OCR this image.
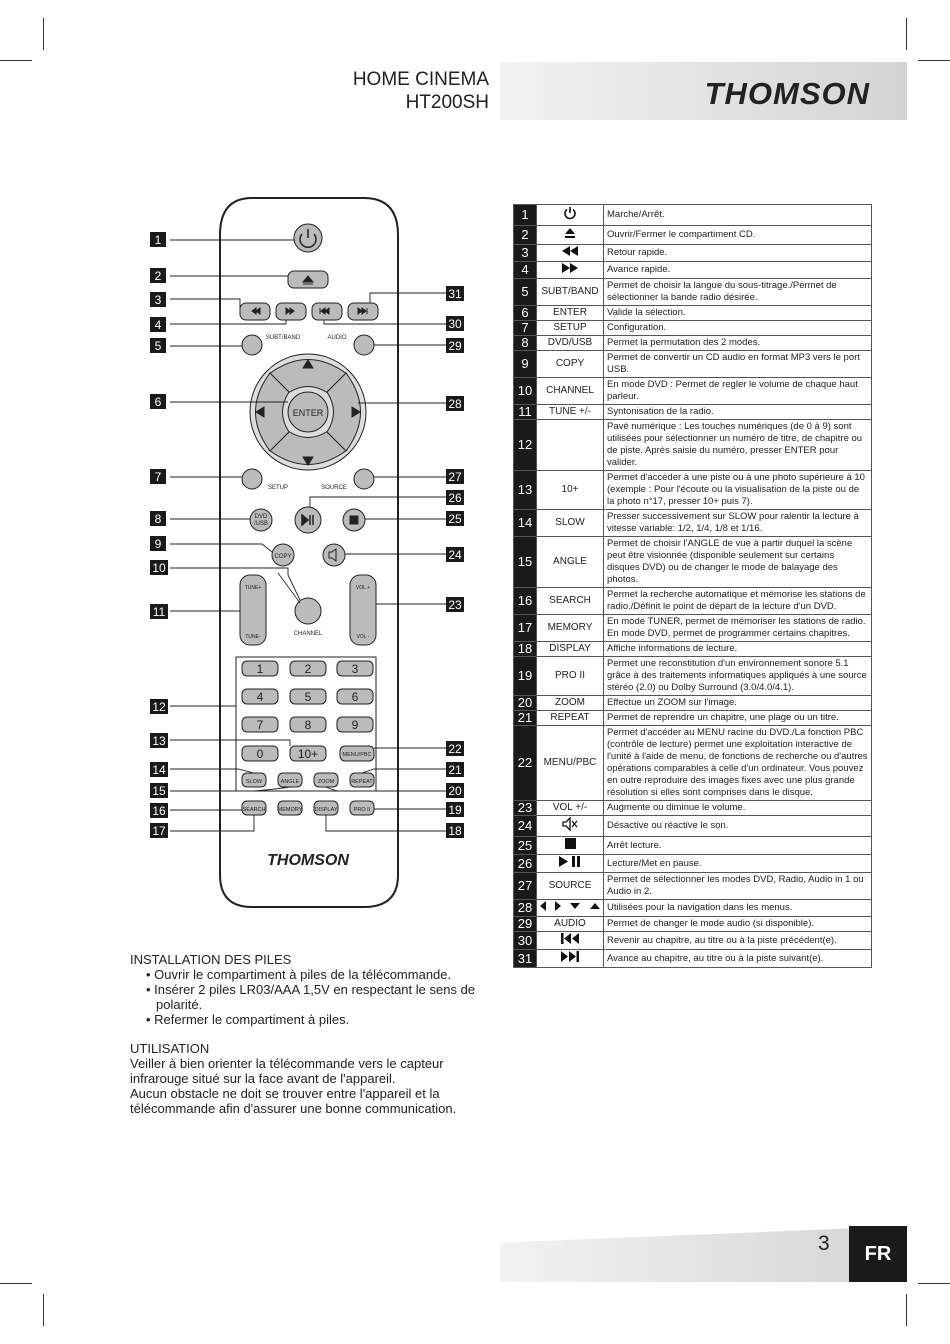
HOME CINEMA
HT200SH	THOMSON
1
2
3
4
5
6
7
8
9
10
11
12
13
14
15
16
17	18
19
20
21
22
23
24
25
26
27
28
29
30
31
SUBT/BAND	AUDIO
ENTER
SETUP	SOURCE
DVD
/USB
COPY
CHANNEL
TUNE+
TUNE-
VOL +
VOL -
1	2	3
4	5	6
7	8	9
0	10+	MENU/PBC
SLOW	ANGLE	ZOOM	REPEAT
SEARCH MEMORY DISPLAY	PRO II
THOMSON
1		Marche/Arrêt.
2		Ouvrir/Fermer le compartiment CD.
3		Retour rapide.
4		Avance rapide.
5	SUBT/BAND	Permet de choisir la langue du sous-titrage./Permet de sélectionner la bande radio désirée.
6	ENTER	Valide la sélection.
7	SETUP	Configuration.
8	DVD/USB	Permet la permutation des 2 modes.
9	COPY	Permet de convertir un CD audio en format MP3 vers le port USB.
10	CHANNEL	En mode DVD : Permet de regler le volume de chaque haut parleur.
11	TUNE +/-	Syntonisation de la radio.
12		Pavé numérique : Les touches numériques (de 0 à 9) sont utilisées pour sélectionner un numéro de titre, de chapitre ou de piste. Après saisie du numéro, presser ENTER pour valider.
13	10+	Permet d'accéder à une piste ou à une photo supérieure à 10 (exemple : Pour l'écoute ou la visualisation de la piste ou de la photo n°17, presser 10+ puis 7).
14	SLOW	Presser successivement sur SLOW pour ralentir la lecture à vitesse variable: 1/2, 1/4, 1/8 et 1/16.
15	ANGLE	Permet de choisir l'ANGLE de vue à partir duquel la scène peut être visionnée (disponible seulement sur certains disques DVD) ou de changer le mode de balayage des photos.
16	SEARCH	Permet la recherche automatique et mémorise les stations de radio./Définit le point de départ de la lecture d'un DVD.
17	MEMORY	En mode TUNER, permet de mémoriser les stations de radio. En mode DVD, permet de programmer certains chapitres.
18	DISPLAY	Affiche informations de lecture.
19	PRO II	Permet une reconstitution d'un environnement sonore 5.1 grâce à des traitements informatiques appliqués à une source stéréo (2.0) ou Dolby Surround (3.0/4.0/4.1).
20	ZOOM	Effectue un ZOOM sur l'image.
21	REPEAT	Permet de reprendre un chapitre, une plage ou un titre.
22	MENU/PBC	Permet d'accéder au MENU racine du DVD./La fonction PBC (contrôle de lecture) permet une exploitation interactive de l'unité à l'aide de menu, de fonctions de recherche ou d'autres opérations comparables à celle d'un ordinateur. Vous pouvez en outre reproduire des images fixes avec une plus grande résolution si elles sont comprises dans le disque.
23	VOL +/-	Augmente ou diminue le volume.
24		Désactive ou réactive le son.
25		Arrêt lecture.
26		Lecture/Met en pause.
27	SOURCE	Permet de sélectionner les modes DVD, Radio, Audio in 1 ou Audio in 2.
28		Utilisées pour la navigation dans les menus.
29	AUDIO	Permet de changer le mode audio (si disponible).
30		Revenir au chapitre, au titre ou à la piste précédent(e).
31		Avance au chapitre, au titre ou à la piste suivant(e).
INSTALLATION DES PILES
• Ouvrir le compartiment à piles de la télécommande.
• Insérer 2 piles LR03/AAA 1,5V en respectant le sens de polarité.
• Refermer le compartiment à piles.
UTILISATION

Veiller à bien orienter la télécommande vers le capteur infrarouge situé sur la face avant de l'appareil.

Aucun obstacle ne doit se trouver entre l'appareil et la télécommande afin d'assurer une bonne communication.

3	FR
